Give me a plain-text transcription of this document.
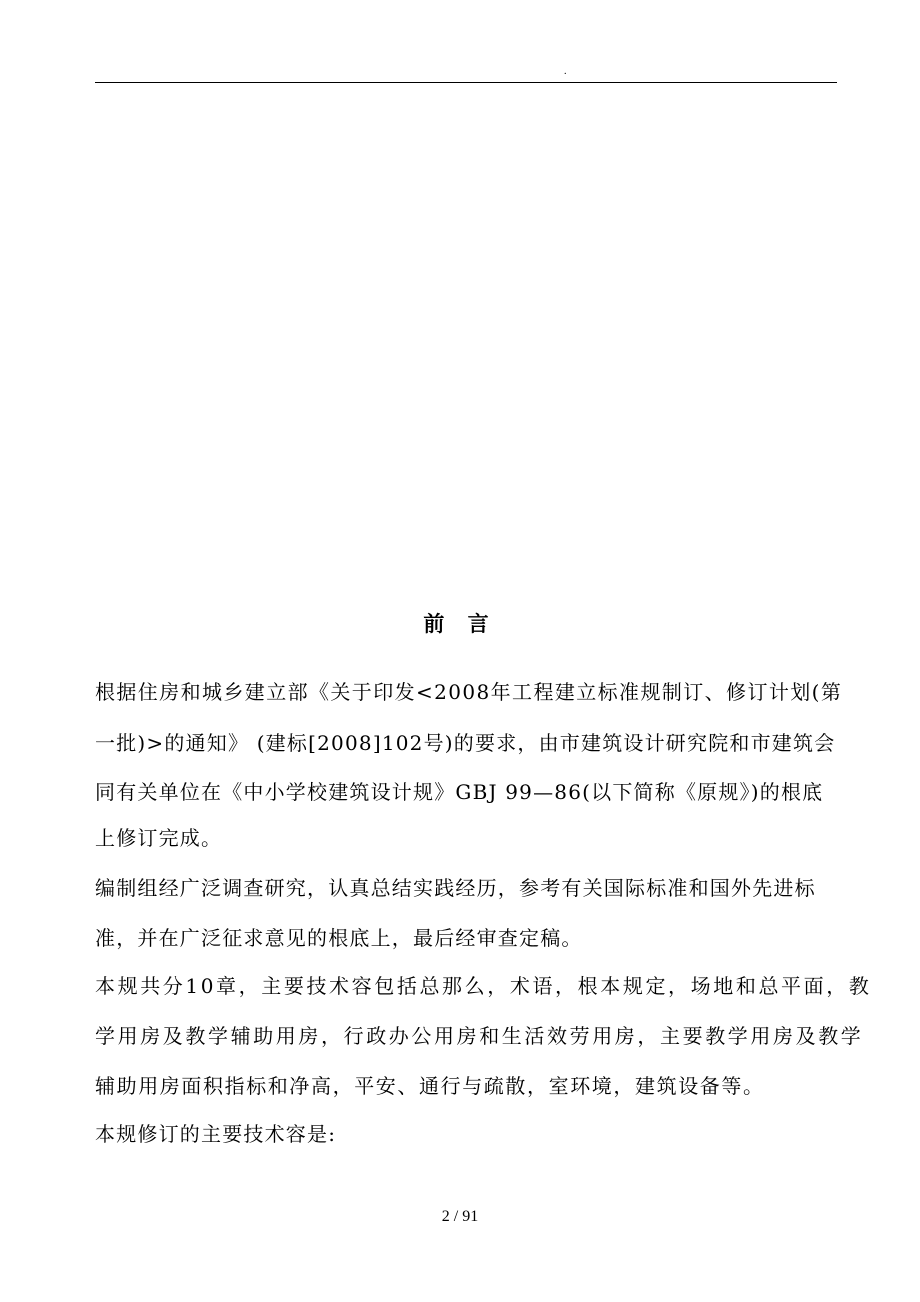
.
前 言
根据住房和城乡建立部《关于印发<2008年工程建立标准规制订、修订计划(第
一批)>的通知》 (建标[2008]102号)的要求，由市建筑设计研究院和市建筑会
同有关单位在《中小学校建筑设计规》GBJ 99—86(以下简称《原规》)的根底
上修订完成。
编制组经广泛调查研究，认真总结实践经历，参考有关国际标准和国外先进标
准，并在广泛征求意见的根底上，最后经审查定稿。
本规共分10章，主要技术容包括总那么，术语，根本规定，场地和总平面，教
学用房及教学辅助用房，行政办公用房和生活效劳用房，主要教学用房及教学
辅助用房面积指标和净高，平安、通行与疏散，室环境，建筑设备等。
本规修订的主要技术容是:
2 / 91
